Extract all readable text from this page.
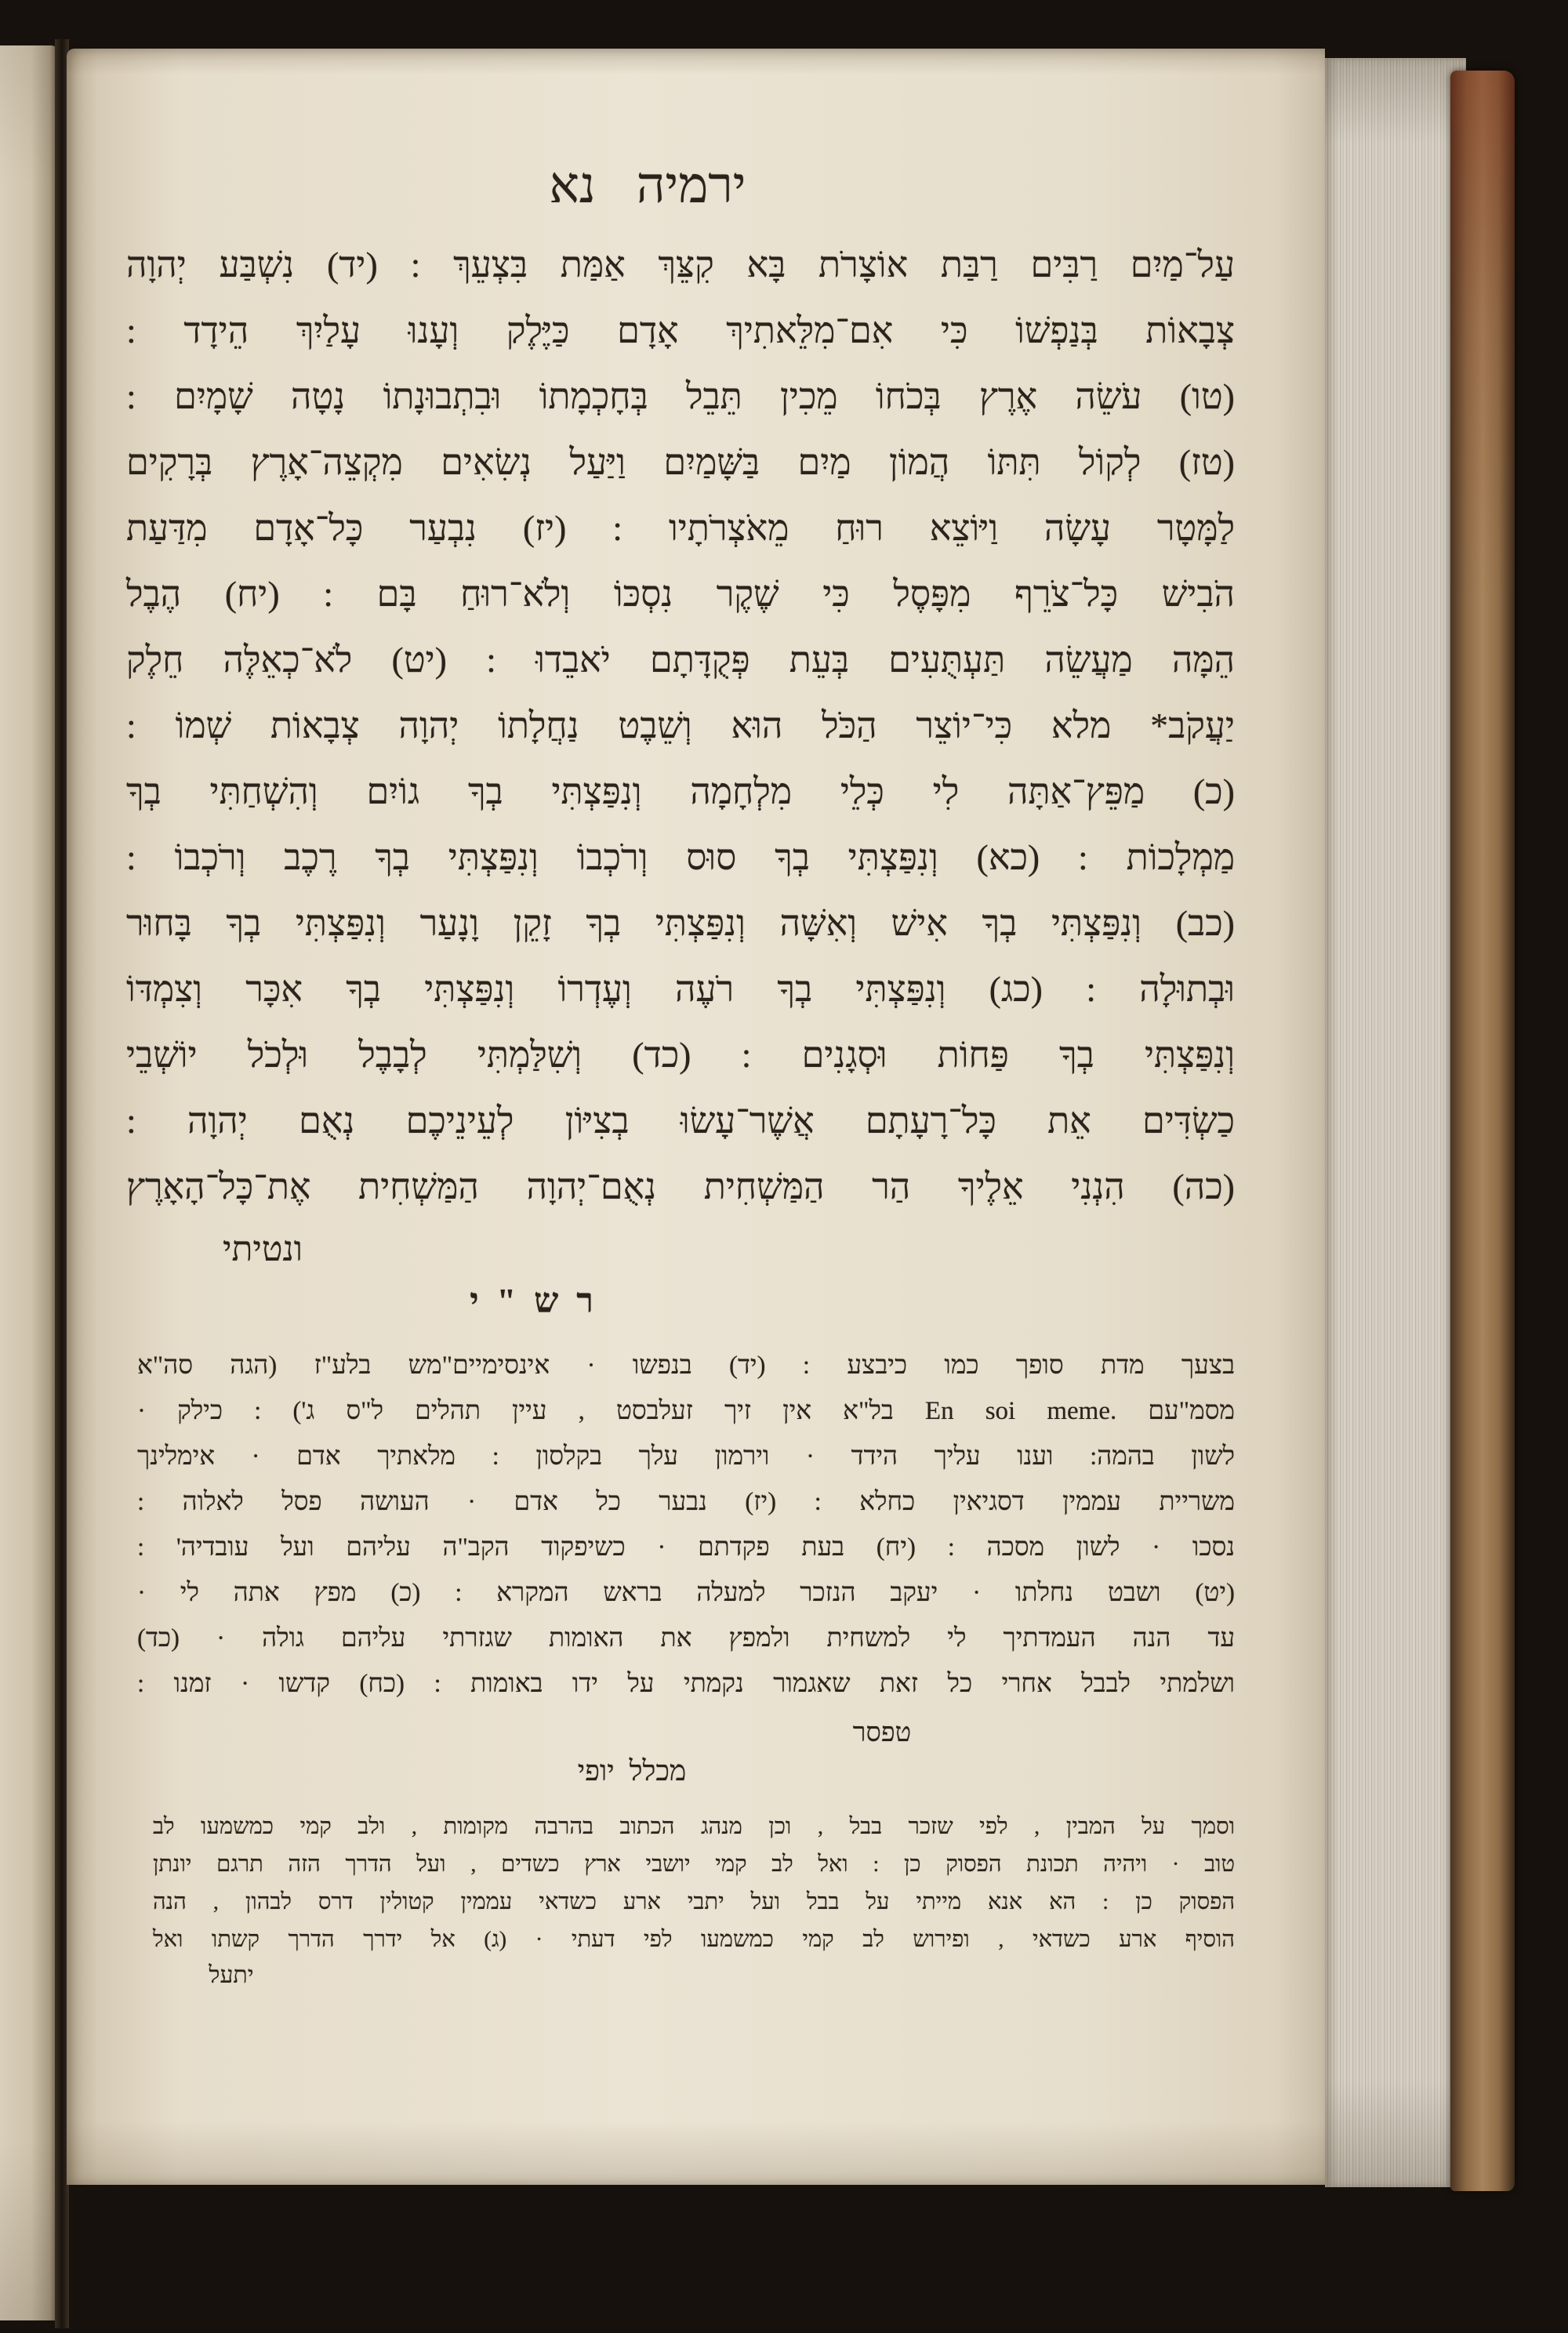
ירמיה נא
עַל־מַיִם רַבִּים רַבַּת אוֹצָרֹת בָּא קִצֵּךְ אַמַּת בִּצְעֵךְ : (יד) נִשְׁבַּע יְהוָה
צְבָאוֹת בְּנַפְשׁוֹ כִּי אִם־מִלֵּאתִיךְ אָדָם כַּיֶּלֶק וְעָנוּ עָלַיִךְ הֵידָד :
(טו) עֹשֵׂה אֶרֶץ בְּכֹחוֹ מֵכִין תֵּבֵל בְּחָכְמָתוֹ וּבִתְבוּנָתוֹ נָטָה שָׁמָיִם :
(טז) לְקוֹל תִּתּוֹ הֲמוֹן מַיִם בַּשָּׁמַיִם וַיַּעַל נְשִׂאִים מִקְצֵה־אָרֶץ בְּרָקִים
לַמָּטָר עָשָׂה וַיּוֹצֵא רוּחַ מֵאֹצְרֹתָיו : (יז) נִבְעַר כָּל־אָדָם מִדַּעַת
הֹבִישׁ כָּל־צֹרֵף מִפָּסֶל כִּי שֶׁקֶר נִסְכּוֹ וְלֹא־רוּחַ בָּם : (יח) הֶבֶל
הֵמָּה מַעֲשֵׂה תַּעְתֻּעִים בְּעֵת פְּקֻדָּתָם יֹאבֵדוּ : (יט) לֹא־כְאֵלֶּה חֵלֶק
יַעֲקֹב* מלא כִּי־יוֹצֵר הַכֹּל הוּא וְשֵׁבֶט נַחֲלָתוֹ יְהוָה צְבָאוֹת שְׁמוֹ :
(כ) מַפֵּץ־אַתָּה לִי כְּלֵי מִלְחָמָה וְנִפַּצְתִּי בְךָ גוֹיִם וְהִשְׁחַתִּי בְךָ
מַמְלָכוֹת : (כא) וְנִפַּצְתִּי בְךָ סוּס וְרֹכְבוֹ וְנִפַּצְתִּי בְךָ רֶכֶב וְרֹכְבוֹ :
(כב) וְנִפַּצְתִּי בְךָ אִישׁ וְאִשָּׁה וְנִפַּצְתִּי בְךָ זָקֵן וָנָעַר וְנִפַּצְתִּי בְךָ בָּחוּר
וּבְתוּלָה : (כג) וְנִפַּצְתִּי בְךָ רֹעֶה וְעֶדְרוֹ וְנִפַּצְתִּי בְךָ אִכָּר וְצִמְדּוֹ
וְנִפַּצְתִּי בְךָ פַּחוֹת וּסְגָנִים : (כד) וְשִׁלַּמְתִּי לְבָבֶל וּלְכֹל יוֹשְׁבֵי
כַשְׂדִּים אֵת כָּל־רָעָתָם אֲשֶׁר־עָשׂוּ בְצִיּוֹן לְעֵינֵיכֶם נְאֻם יְהוָה :
(כה) הִנְנִי אֵלֶיךָ הַר הַמַּשְׁחִית נְאֻם־יְהוָה הַמַּשְׁחִית אֶת־כָּל־הָאָרֶץ
ונטיתי
ר ש " י
בצעך מדת סופך כמו כיבצע : (יד) בנפשו · אינסימיים"מש בלע"ז (הגה סה"א
מסמ"עם En soi meme.‎ בל"א אין זיך זעלבסט , עיין תהלים ל"ס ג') : כילק ·
לשון בהמה: וענו עליך הידד · וירמון עלך בקלסון : מלאתיך אדם · אימלינך
משריית עממין דסגיאין כחלא : (יז) נבער כל אדם · העושה פסל לאלוה :
נסכו · לשון מסכה : (יח) בעת פקדתם · כשיפקוד הקב"ה עליהם ועל עובדיה' :
(יט) ושבט נחלתו · יעקב הנזכר למעלה בראש המקרא : (כ) מפץ אתה לי ·
עד הנה העמדתיך לי למשחית ולמפץ את האומות שגזרתי עליהם גולה · (כד)
ושלמתי לבבל אחרי כל זאת שאגמור נקמתי על ידו באומות : (כח) קדשו · זמנו :
טפסר
מכלל יופי
וסמך על המבין , לפי שזכר בבל , וכן מנהג הכתוב בהרבה מקומות , ולב קמי כמשמעו לב
טוב · ויהיה תכונת הפסוק כן : ואל לב קמי יושבי ארץ כשדים , ועל הדרך הזה תרגם יונתן
הפסוק כן : הא אנא מייתי על בבל ועל יתבי ארע כשדאי עממין קטולין דרס לבהון , הנה
הוסיף ארע כשדאי , ופירוש לב קמי כמשמעו לפי דעתי · (ג) אל ידרך הדרך קשתו ואל
יתעל
